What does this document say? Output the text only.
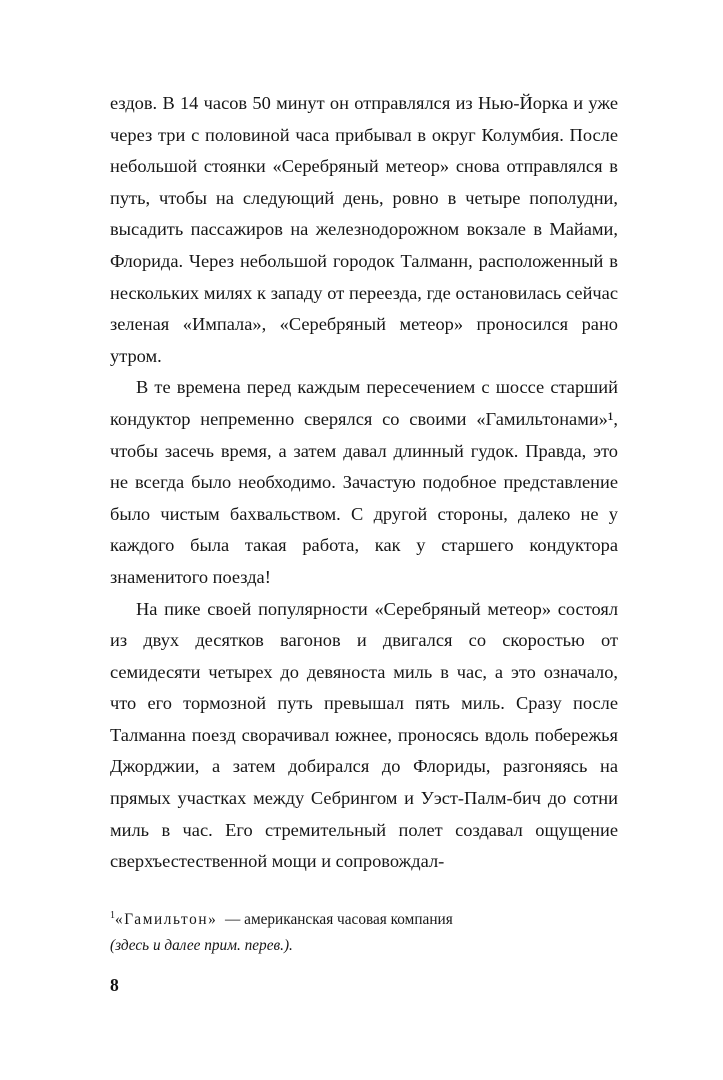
ездов. В 14 часов 50 минут он отправлялся из Нью-Йорка и уже через три с половиной часа прибывал в округ Колумбия. После небольшой стоянки «Серебряный метеор» снова отправлялся в путь, чтобы на следующий день, ровно в четыре пополудни, высадить пассажиров на железнодорожном вокзале в Майами, Флорида. Через небольшой городок Талманн, расположенный в нескольких милях к западу от переезда, где остановилась сейчас зеленая «Импала», «Серебряный метеор» проносился рано утром.

В те времена перед каждым пересечением с шоссе старший кондуктор непременно сверялся со своими «Гамильтонами»¹, чтобы засечь время, а затем давал длинный гудок. Правда, это не всегда было необходимо. Зачастую подобное представление было чистым бахвальством. С другой стороны, далеко не у каждого была такая работа, как у старшего кондуктора знаменитого поезда!

На пике своей популярности «Серебряный метеор» состоял из двух десятков вагонов и двигался со скоростью от семидесяти четырех до девяноста миль в час, а это означало, что его тормозной путь превышал пять миль. Сразу после Талманна поезд сворачивал южнее, проносясь вдоль побережья Джорджии, а затем добирался до Флориды, разгоняясь на прямых участках между Себрингом и Уэст-Палм-бич до сотни миль в час. Его стремительный полет создавал ощущение сверхъестественной мощи и сопровождал-

$^1$«Гамильтон» — американская часовая компания
(здесь и далее прим. перев.).
8
